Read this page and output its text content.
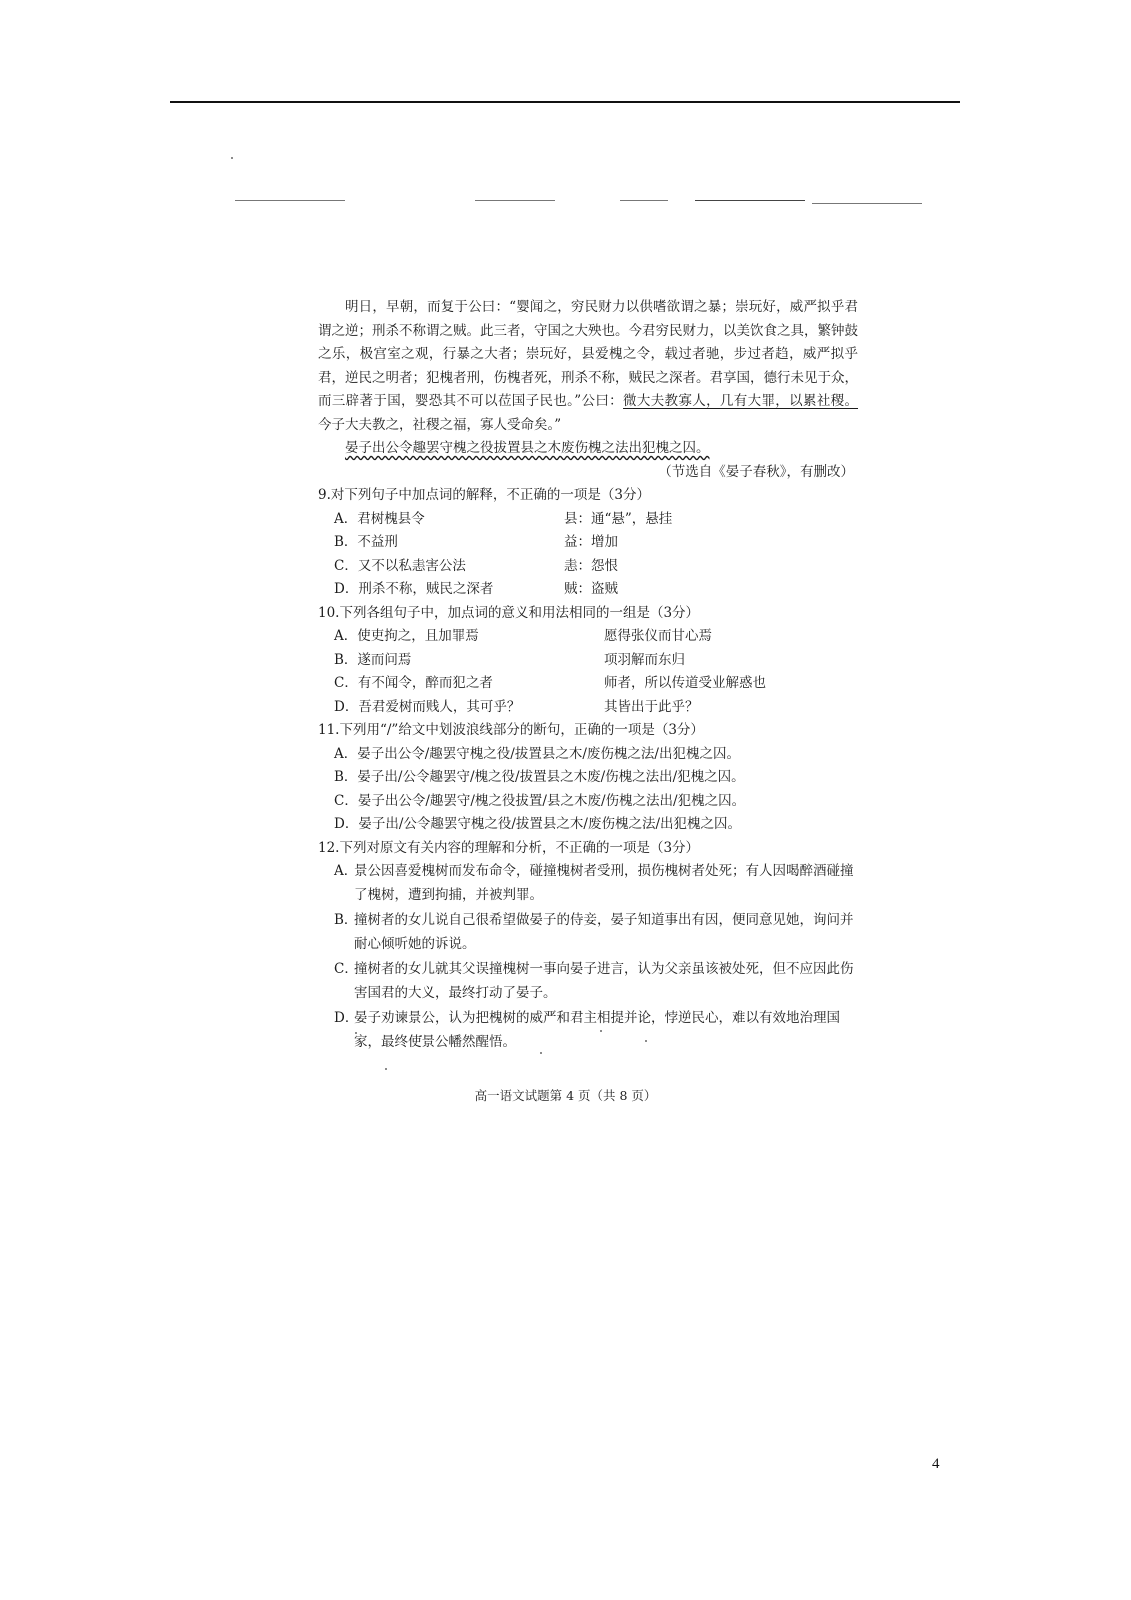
明日，早朝，而复于公曰：“婴闻之，穷民财力以供嗜欲谓之暴；崇玩好，威严拟乎君谓之逆；刑杀不称谓之贼。此三者，守国之大殃也。今君穷民财力，以美饮食之具，繁钟鼓之乐，极宫室之观，行暴之大者；崇玩好，县爱槐之令，载过者驰，步过者趋，威严拟乎君，逆民之明者；犯槐者刑，伤槐者死，刑杀不称，贼民之深者。君享国，德行未见于众，而三辟著于国，婴恐其不可以莅国子民也。”公曰：微大夫教寡人，几有大罪，以累社稷。今子大夫教之，社稷之福，寡人受命矣。”

晏子出公令趣罢守槐之役拔置县之木废伤槐之法出犯槐之囚。

（节选自《晏子春秋》，有删改）

9.对下列句子中加点词的解释，不正确的一项是（3分）

A．君树槐县令	县：通“悬”，悬挂
B．不益刑	益：增加
C．又不以私恚害公法	恚：怨恨
D．刑杀不称，贼民之深者	贼：盗贼

10.下列各组句子中，加点词的意义和用法相同的一组是（3分）

A．使吏拘之，且加罪焉	愿得张仪而甘心焉
B．遂而问焉	项羽解而东归
C．有不闻令，醉而犯之者	师者，所以传道受业解惑也
D．吾君爱树而贱人，其可乎？	其皆出于此乎？

11.下列用“/”给文中划波浪线部分的断句，正确的一项是（3分）

A．晏子出公令/趣罢守槐之役/拔置县之木/废伤槐之法/出犯槐之囚。

B．晏子出/公令趣罢守/槐之役/拔置县之木废/伤槐之法出/犯槐之囚。

C．晏子出公令/趣罢守/槐之役拔置/县之木废/伤槐之法出/犯槐之囚。

D．晏子出/公令趣罢守槐之役/拔置县之木/废伤槐之法/出犯槐之囚。

12.下列对原文有关内容的理解和分析，不正确的一项是（3分）

A．
景公因喜爱槐树而发布命令，碰撞槐树者受刑，损伤槐树者处死；有人因喝醉酒碰撞了槐树，遭到拘捕，并被判罪。
B．
撞树者的女儿说自己很希望做晏子的侍妾，晏子知道事出有因，便同意见她，询问并耐心倾听她的诉说。
C．
撞树者的女儿就其父误撞槐树一事向晏子进言，认为父亲虽该被处死，但不应因此伤害国君的大义，最终打动了晏子。
D．
晏子劝谏景公，认为把槐树的威严和君主相提并论，悖逆民心，难以有效地治理国家，最终使景公幡然醒悟。
高一语文试题第 4 页（共 8 页）
4
